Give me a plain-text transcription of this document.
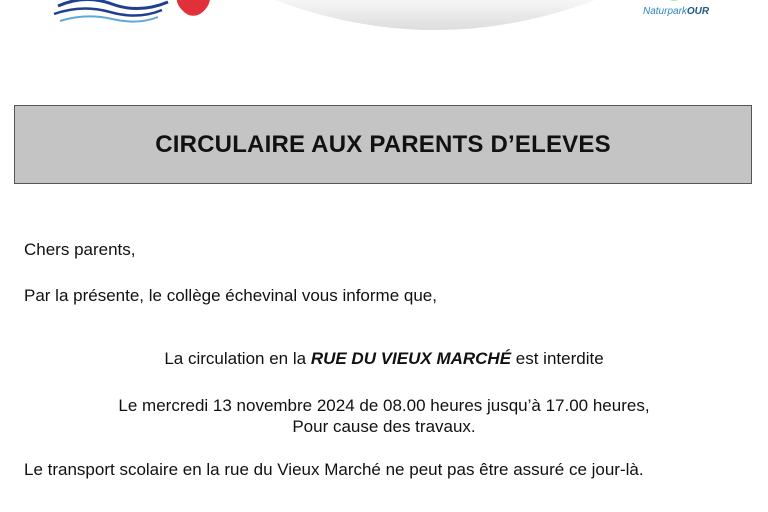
NaturparkOUR
CIRCULAIRE AUX PARENTS D’ELEVES
Chers parents,
Par la présente, le collège échevinal vous informe que,
La circulation en la RUE DU VIEUX MARCHÉ est interdite
Le mercredi 13 novembre 2024 de 08.00 heures jusqu’à 17.00 heures,
Pour cause des travaux.
Le transport scolaire en la rue du Vieux Marché ne peut pas être assuré ce jour-là.
